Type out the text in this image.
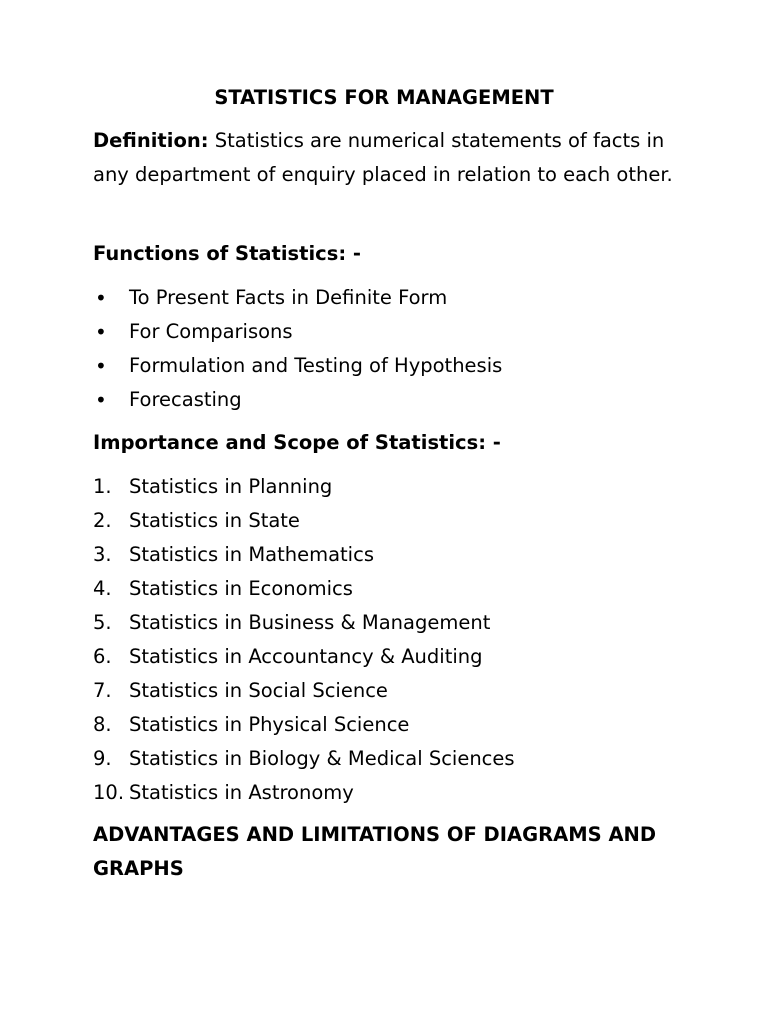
STATISTICS FOR MANAGEMENT

Definition: Statistics are numerical statements of facts in any department of enquiry placed in relation to each other.

Functions of Statistics: -
•	To Present Facts in Definite Form
•	For Comparisons
•	Formulation and Testing of Hypothesis
•	Forecasting
Importance and Scope of Statistics: -
1. Statistics in Planning
2. Statistics in State
3. Statistics in Mathematics
4. Statistics in Economics
5. Statistics in Business & Management
6. Statistics in Accountancy & Auditing
7. Statistics in Social Science
8. Statistics in Physical Science
9. Statistics in Biology & Medical Sciences
10. Statistics in Astronomy
ADVANTAGES AND LIMITATIONS OF DIAGRAMS AND GRAPHS
